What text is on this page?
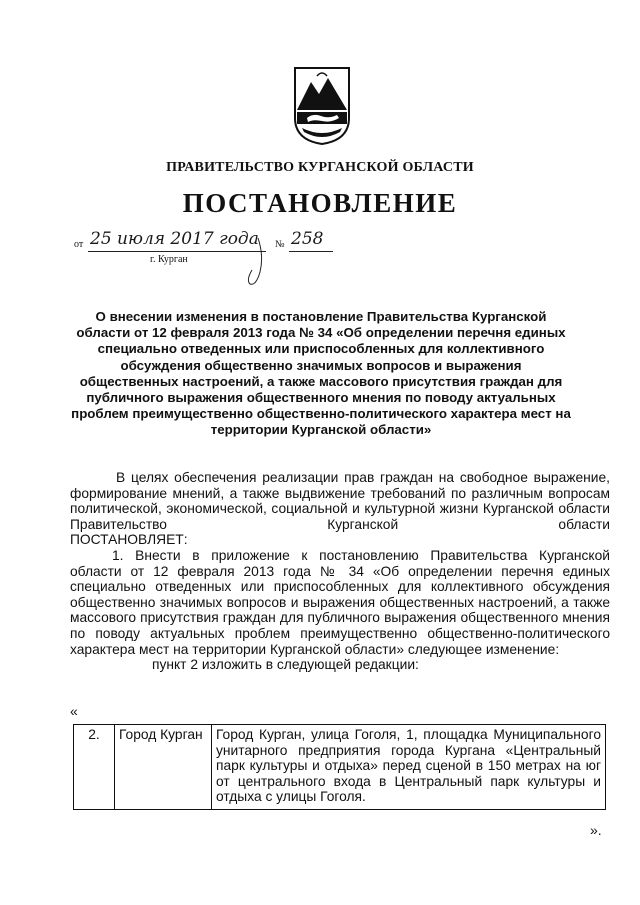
ПРАВИТЕЛЬСТВО КУРГАНСКОЙ ОБЛАСТИ
ПОСТАНОВЛЕНИЕ
от 25 июля 2017 года № 258
г. Курган
О внесении изменения в постановление Правительства Курганской области от 12 февраля 2013 года № 34 «Об определении перечня единых специально отведенных или приспособленных для коллективного обсуждения общественно значимых вопросов и выражения общественных настроений, а также массового присутствия граждан для публичного выражения общественного мнения по поводу актуальных проблем преимущественно общественно-политического характера мест на территории Курганской области»

В целях обеспечения реализации прав граждан на свободное выражение, формирование мнений, а также выдвижение требований по различным вопросам политической, экономической, социальной и культурной жизни Курганской области Правительство Курганской области

ПОСТАНОВЛЯЕТ:

1. Внести в приложение к постановлению Правительства Курганской области от 12 февраля 2013 года № 34 «Об определении перечня единых специально отведенных или приспособленных для коллективного обсуждения общественно значимых вопросов и выражения общественных настроений, а также массового присутствия граждан для публичного выражения общественного мнения по поводу актуальных проблем преимущественно общественно-политического характера мест на территории Курганской области» следующее изменение:

пункт 2 изложить в следующей редакции:

«
2.	Город Курган	Город Курган, улица Гоголя, 1, площадка Муниципального унитарного предприятия города Кургана «Центральный парк культуры и отдыха» перед сценой в 150 метрах на юг от центрального входа в Центральный парк культуры и отдыха с улицы Гоголя.
».
